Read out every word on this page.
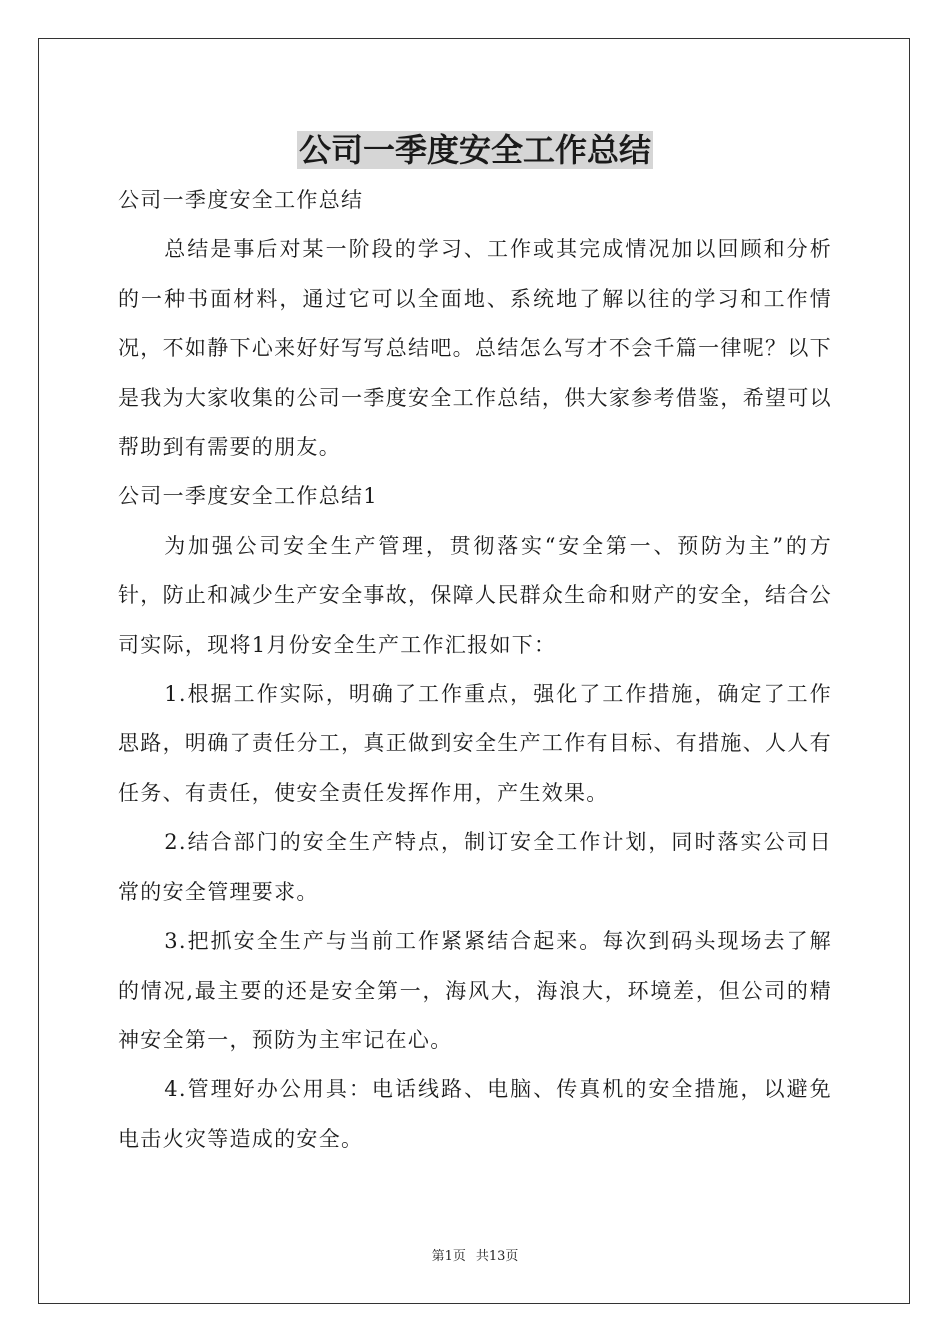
公司一季度安全工作总结

公司一季度安全工作总结

总结是事后对某一阶段的学习、工作或其完成情况加以回顾和分析的一种书面材料，通过它可以全面地、系统地了解以往的学习和工作情况，不如静下心来好好写写总结吧。总结怎么写才不会千篇一律呢？以下是我为大家收集的公司一季度安全工作总结，供大家参考借鉴，希望可以帮助到有需要的朋友。

公司一季度安全工作总结1

为加强公司安全生产管理，贯彻落实“安全第一、预防为主”的方针，防止和减少生产安全事故，保障人民群众生命和财产的安全，结合公司实际，现将1月份安全生产工作汇报如下：

1.根据工作实际，明确了工作重点，强化了工作措施，确定了工作思路，明确了责任分工，真正做到安全生产工作有目标、有措施、人人有任务、有责任，使安全责任发挥作用，产生效果。

2.结合部门的安全生产特点，制订安全工作计划，同时落实公司日常的安全管理要求。

3.把抓安全生产与当前工作紧紧结合起来。每次到码头现场去了解的情况,最主要的还是安全第一，海风大，海浪大，环境差，但公司的精神安全第一，预防为主牢记在心。

4.管理好办公用具：电话线路、电脑、传真机的安全措施，以避免电击火灾等造成的安全。

第1页 共13页
